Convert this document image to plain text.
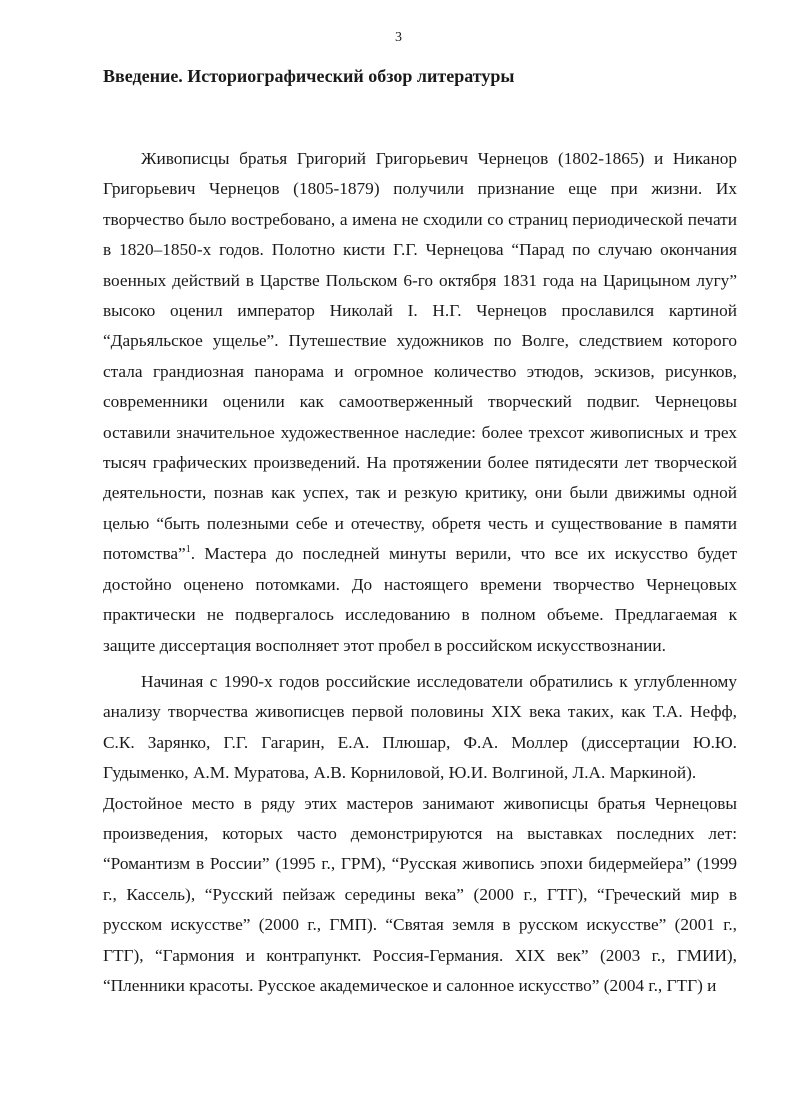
3
Введение. Историографический обзор литературы

Живописцы братья Григорий Григорьевич Чернецов (1802-1865) и Никанор Григорьевич Чернецов (1805-1879) получили признание еще при жизни. Их творчество было востребовано, а имена не сходили со страниц периодической печати в 1820–1850-х годов. Полотно кисти Г.Г. Чернецова “Парад по случаю окончания военных действий в Царстве Польском 6-го октября 1831 года на Царицыном лугу” высоко оценил император Николай I. Н.Г. Чернецов прославился картиной “Дарьяльское ущелье”. Путешествие художников по Волге, следствием которого стала грандиозная панорама и огромное количество этюдов, эскизов, рисунков, современники оценили как самоотверженный творческий подвиг. Чернецовы оставили значительное художественное наследие: более трехсот живописных и трех тысяч графических произведений. На протяжении более пятидесяти лет творческой деятельности, познав как успех, так и резкую критику, они были движимы одной целью “быть полезными себе и отечеству, обретя честь и существование в памяти потомства”$^1$. Мастера до последней минуты верили, что все их искусство будет достойно оценено потомками. До настоящего времени творчество Чернецовых практически не подвергалось исследованию в полном объеме. Предлагаемая к защите диссертация восполняет этот пробел в российском искусствознании.

Начиная с 1990-х годов российские исследователи обратились к углубленному анализу творчества живописцев первой половины XIX века таких, как Т.А. Нефф, С.К. Зарянко, Г.Г. Гагарин, Е.А. Плюшар, Ф.А. Моллер (диссертации Ю.Ю. Гудыменко, А.М. Муратова, А.В. Корниловой, Ю.И. Волгиной, Л.А. Маркиной).

Достойное место в ряду этих мастеров занимают живописцы братья Чернецовы произведения, которых часто демонстрируются на выставках последних лет: “Романтизм в России” (1995 г., ГРМ), “Русская живопись эпохи бидермейера” (1999 г., Кассель), “Русский пейзаж середины века” (2000 г., ГТГ), “Греческий мир в русском искусстве” (2000 г., ГМП). “Святая земля в русском искусстве” (2001 г., ГТГ), “Гармония и контрапункт. Россия-Германия. XIX век” (2003 г., ГМИИ), “Пленники красоты. Русское академическое и салонное искусство” (2004 г., ГТГ) и
